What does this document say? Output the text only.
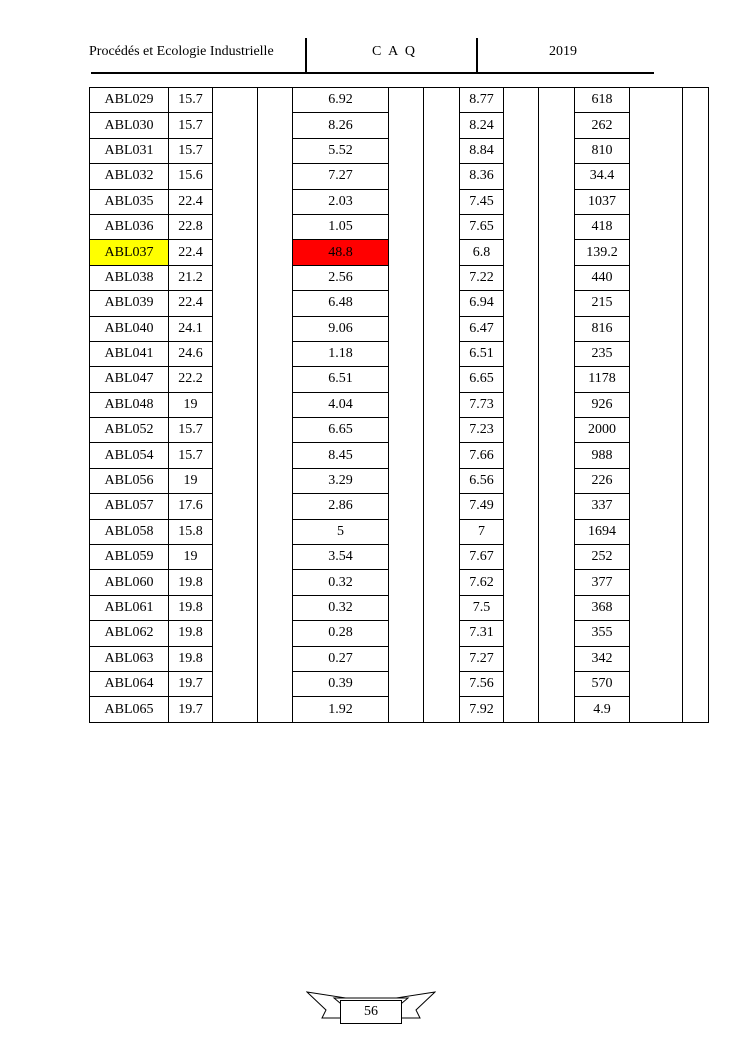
Procédés et Ecologie Industrielle	C A Q	2019
ABL029	15.7			6.92			8.77			618		
ABL030	15.7			8.26			8.24			262		
ABL031	15.7			5.52			8.84			810		
ABL032	15.6			7.27			8.36			34.4		
ABL035	22.4			2.03			7.45			1037		
ABL036	22.8			1.05			7.65			418		
ABL037	22.4			48.8			6.8			139.2		
ABL038	21.2			2.56			7.22			440		
ABL039	22.4			6.48			6.94			215		
ABL040	24.1			9.06			6.47			816		
ABL041	24.6			1.18			6.51			235		
ABL047	22.2			6.51			6.65			1178		
ABL048	19			4.04			7.73			926		
ABL052	15.7			6.65			7.23			2000		
ABL054	15.7			8.45			7.66			988		
ABL056	19			3.29			6.56			226		
ABL057	17.6			2.86			7.49			337		
ABL058	15.8			5			7			1694		
ABL059	19			3.54			7.67			252		
ABL060	19.8			0.32			7.62			377		
ABL061	19.8			0.32			7.5			368		
ABL062	19.8			0.28			7.31			355		
ABL063	19.8			0.27			7.27			342		
ABL064	19.7			0.39			7.56			570		
ABL065	19.7			1.92			7.92			4.9		
56
